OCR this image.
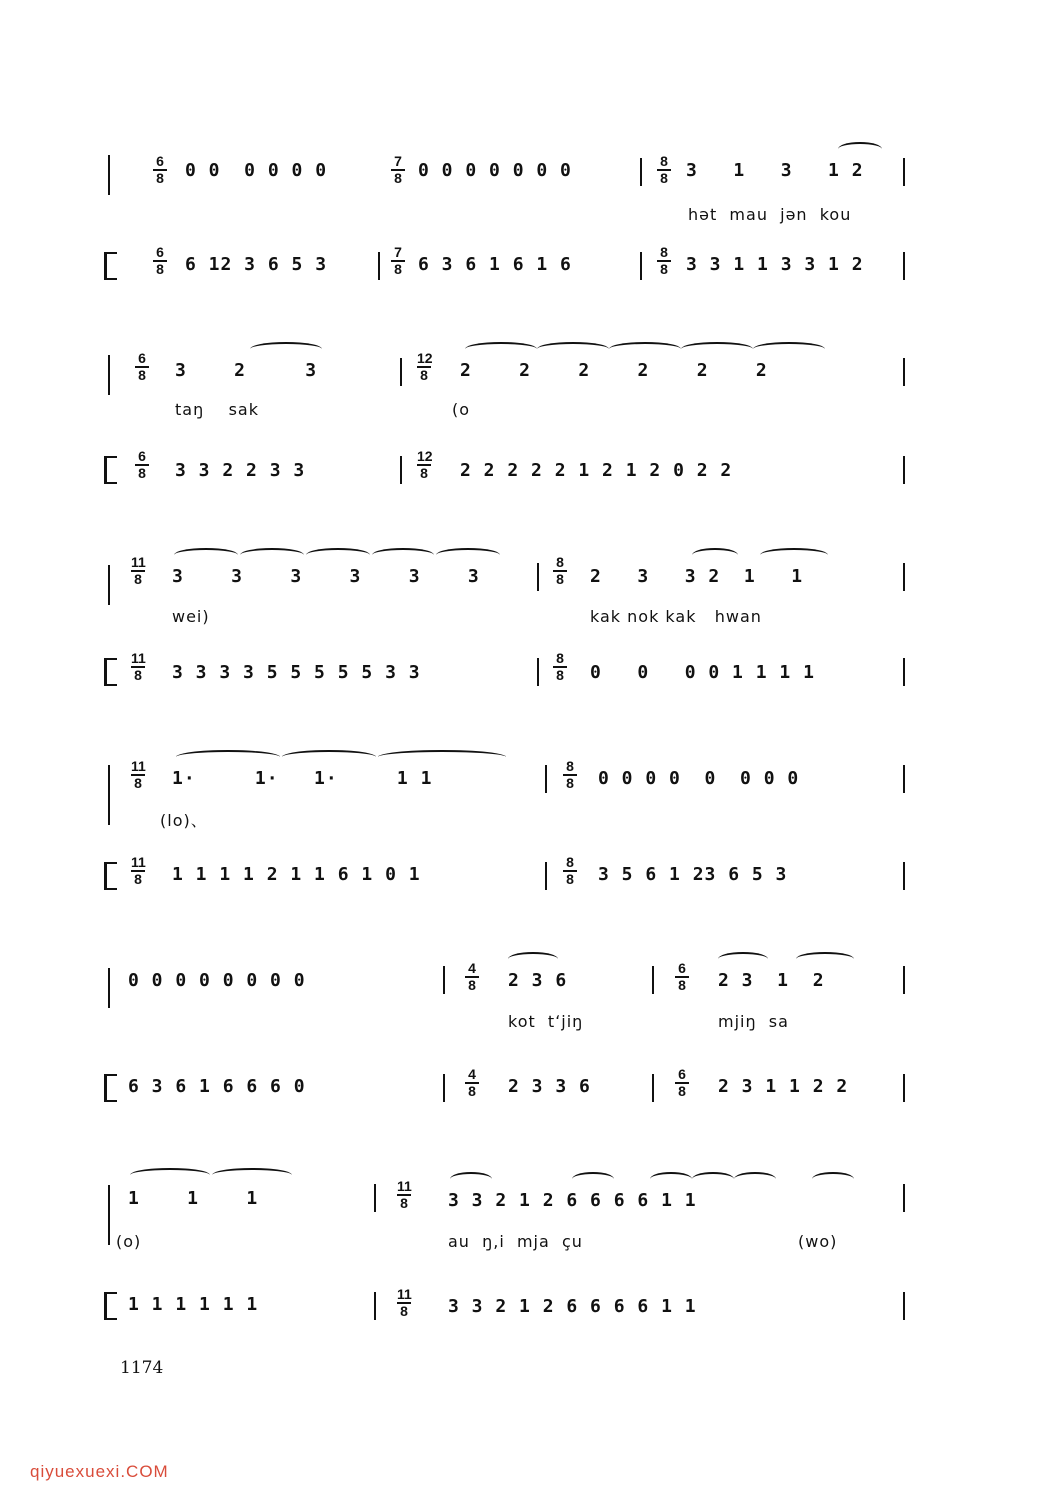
6
8	0 0  0 0 0 0	7
8 0 0 0 0 0 0 0	8
8	3   1   3   1 2
hət  mau  jən  kou
6
8	6 12 3 6 5 3
7
8 6 3 6 1 6 1 6
8
8	3 3 1 1 3 3 1 2
6
8	3    2     3
12
8	2    2    2    2    2    2
taŋ    sak	(o
6
8	3 3 2 2 3 3
12
8	2 2 2 2 2 1 2 1 2 0 2 2
11
8	3    3    3    3    3    3
8
8	2   3   3 2  1   1
wei)	kak nok kak   hwan
11
8	3 3 3 3 5 5 5 5 5 3 3
8
8	0   0   0 0 1 1 1 1
11
8	1·     1·   1·     1 1
8
8	0 0 0 0  0  0 0 0
(lo)、
11
8	1 1 1 1 2 1 1 6 1 0 1
8
8	3 5 6 1 23 6 5 3
0 0 0 0 0 0 0 0
4
8	2 3 6
6
8	2 3  1  2
kot  tʻjiŋ	mjiŋ  sa
6 3 6 1 6 6 6 0
4
8	2 3 3 6
6
8	2 3 1 1 2 2
1    1    1
11
8	3 3 2 1 2 6 6 6 6 1 1
(o)	au  ŋ,i  mja  çu	(wo)
1 1 1 1 1 1	11
8	3 3 2 1 2 6 6 6 6 1 1
1174
qiyuexuexi.COM
